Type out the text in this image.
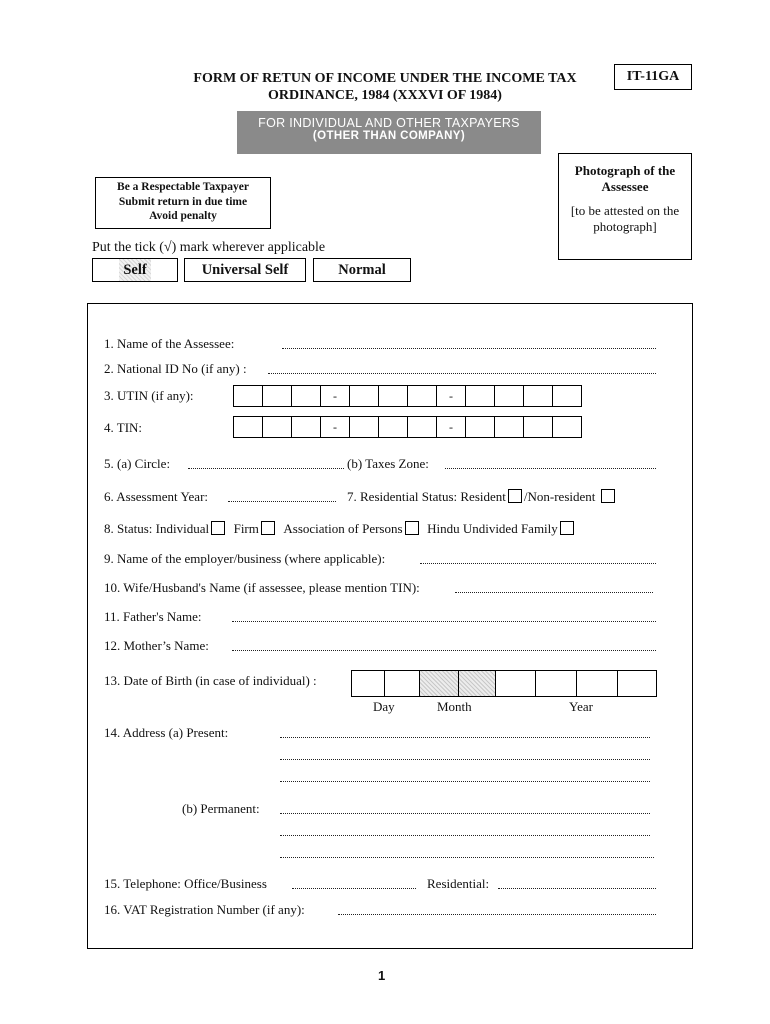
FORM OF RETUN OF INCOME UNDER THE INCOME TAX
ORDINANCE, 1984 (XXXVI OF 1984)
IT-11GA
FOR INDIVIDUAL AND OTHER TAXPAYERS
(OTHER THAN COMPANY)
Photograph of the Assessee
[to be attested on the photograph]
Be a Respectable Taxpayer
Submit return in due time
Avoid penalty
Put the tick (√) mark wherever applicable
Self	Universal Self	Normal
1. Name of the Assessee:
2. National ID No (if any) :
3. UTIN (if any):	-	-
4. TIN:	-	-
5. (a) Circle:	(b) Taxes Zone:
6. Assessment Year:	7. Residential Status: Resident /Non-resident
8. Status: Individual Firm Association of Persons Hindu Undivided Family
9. Name of the employer/business (where applicable):
10. Wife/Husband's Name (if assessee, please mention TIN):
11. Father's Name:
12. Mother’s Name:
13. Date of Birth (in case of individual) :
Day	Month	Year
14. Address (a) Present:
(b) Permanent:
15. Telephone: Office/Business	Residential:
16. VAT Registration Number (if any):
1
